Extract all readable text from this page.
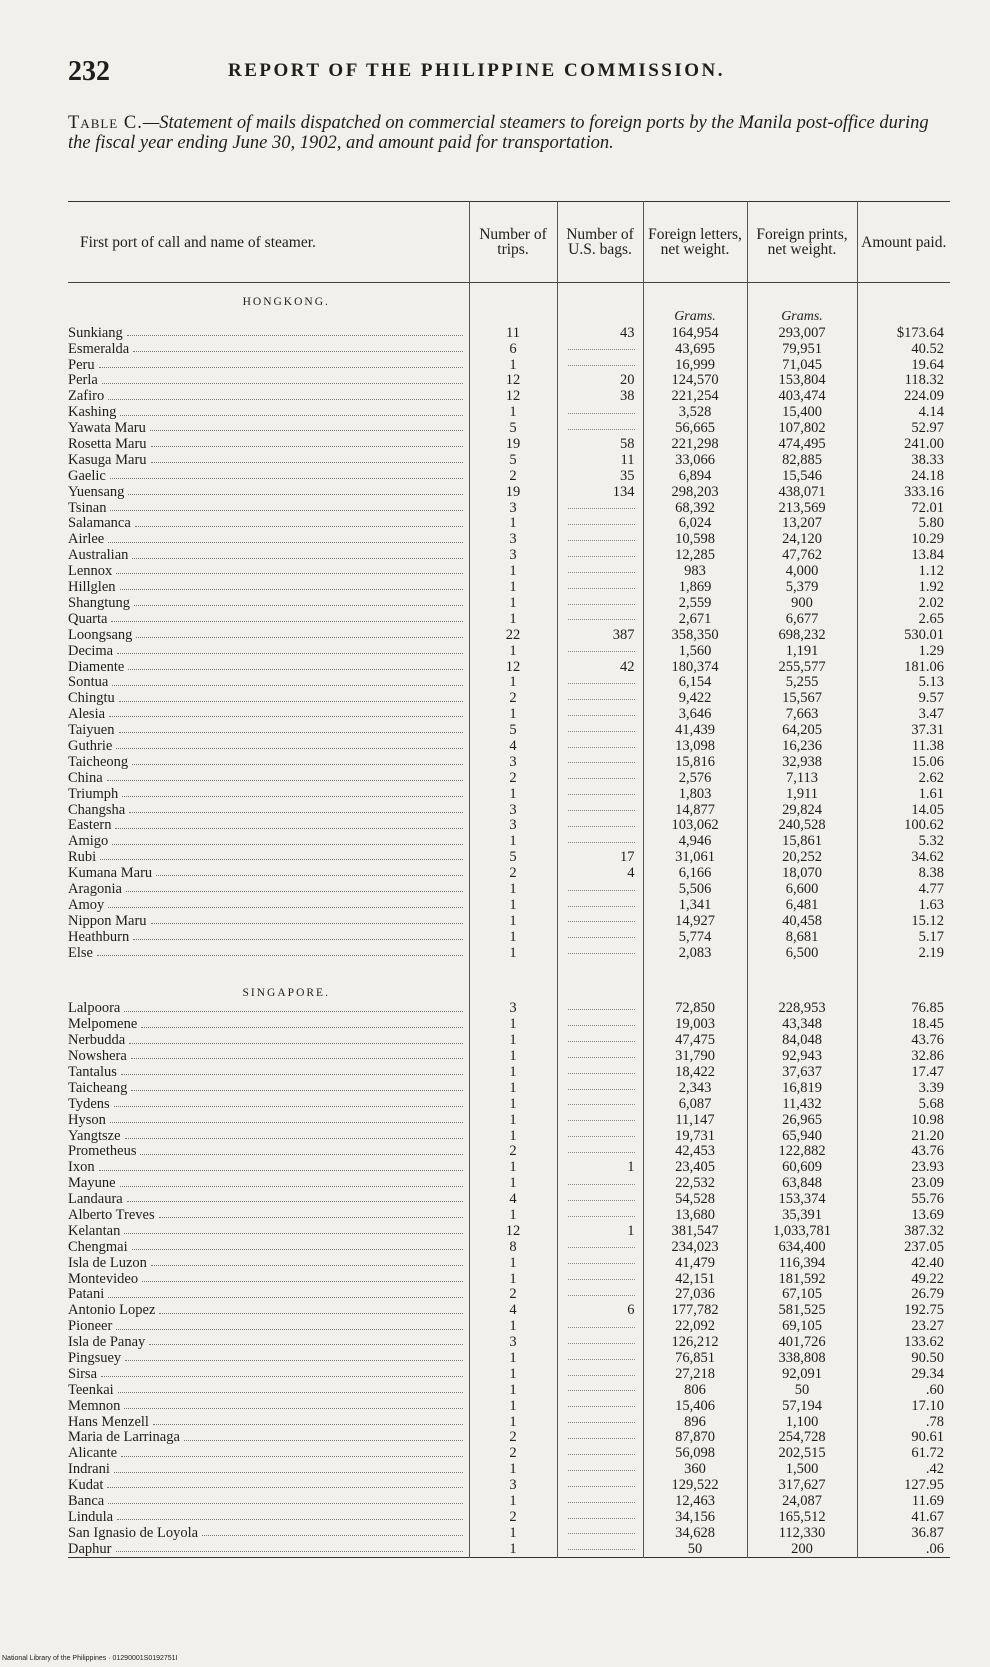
232	REPORT OF THE PHILIPPINE COMMISSION.
Table C.—Statement of mails dispatched on commercial steamers to foreign ports by the Manila post-office during the fiscal year ending June 30, 1902, and amount paid for transportation.
First port of call and name of steamer.	Number of trips.	Number of U.S. bags.	Foreign letters, net weight.	Foreign prints, net weight.	Amount paid.
HONGKONG.					
			Grams.	Grams.	

Sunkiang	11	43	164,954	293,007	$173.64

Esmeralda	6		43,695	79,951	40.52

Peru	1		16,999	71,045	19.64

Perla	12	20	124,570	153,804	118.32

Zafiro	12	38	221,254	403,474	224.09

Kashing	1		3,528	15,400	4.14

Yawata Maru	5		56,665	107,802	52.97

Rosetta Maru	19	58	221,298	474,495	241.00

Kasuga Maru	5	11	33,066	82,885	38.33

Gaelic	2	35	6,894	15,546	24.18

Yuensang	19	134	298,203	438,071	333.16

Tsinan	3		68,392	213,569	72.01

Salamanca	1		6,024	13,207	5.80

Airlee	3		10,598	24,120	10.29

Australian	3		12,285	47,762	13.84

Lennox	1		983	4,000	1.12

Hillglen	1		1,869	5,379	1.92

Shangtung	1		2,559	900	2.02

Quarta	1		2,671	6,677	2.65

Loongsang	22	387	358,350	698,232	530.01

Decima	1		1,560	1,191	1.29

Diamente	12	42	180,374	255,577	181.06

Sontua	1		6,154	5,255	5.13

Chingtu	2		9,422	15,567	9.57

Alesia	1		3,646	7,663	3.47

Taiyuen	5		41,439	64,205	37.31

Guthrie	4		13,098	16,236	11.38

Taicheong	3		15,816	32,938	15.06

China	2		2,576	7,113	2.62

Triumph	1		1,803	1,911	1.61

Changsha	3		14,877	29,824	14.05

Eastern	3		103,062	240,528	100.62

Amigo	1		4,946	15,861	5.32

Rubi	5	17	31,061	20,252	34.62

Kumana Maru	2	4	6,166	18,070	8.38

Aragonia	1		5,506	6,600	4.77

Amoy	1		1,341	6,481	1.63

Nippon Maru	1		14,927	40,458	15.12

Heathburn	1		5,774	8,681	5.17

Else	1		2,083	6,500	2.19

SINGAPORE.					

Lalpoora	3		72,850	228,953	76.85

Melpomene	1		19,003	43,348	18.45

Nerbudda	1		47,475	84,048	43.76

Nowshera	1		31,790	92,943	32.86

Tantalus	1		18,422	37,637	17.47

Taicheang	1		2,343	16,819	3.39

Tydens	1		6,087	11,432	5.68

Hyson	1		11,147	26,965	10.98

Yangtsze	1		19,731	65,940	21.20

Prometheus	2		42,453	122,882	43.76

Ixon	1	1	23,405	60,609	23.93

Mayune	1		22,532	63,848	23.09

Landaura	4		54,528	153,374	55.76

Alberto Treves	1		13,680	35,391	13.69

Kelantan	12	1	381,547	1,033,781	387.32

Chengmai	8		234,023	634,400	237.05

Isla de Luzon	1		41,479	116,394	42.40

Montevideo	1		42,151	181,592	49.22

Patani	2		27,036	67,105	26.79

Antonio Lopez	4	6	177,782	581,525	192.75

Pioneer	1		22,092	69,105	23.27

Isla de Panay	3		126,212	401,726	133.62

Pingsuey	1		76,851	338,808	90.50

Sirsa	1		27,218	92,091	29.34

Teenkai	1		806	50	.60

Memnon	1		15,406	57,194	17.10

Hans Menzell	1		896	1,100	.78

Maria de Larrinaga	2		87,870	254,728	90.61

Alicante	2		56,098	202,515	61.72

Indrani	1		360	1,500	.42

Kudat	3		129,522	317,627	127.95

Banca	1		12,463	24,087	11.69

Lindula	2		34,156	165,512	41.67

San Ignasio de Loyola	1		34,628	112,330	36.87

Daphur	1		50	200	.06
National Library of the Philippines · 01290001S0192751I
